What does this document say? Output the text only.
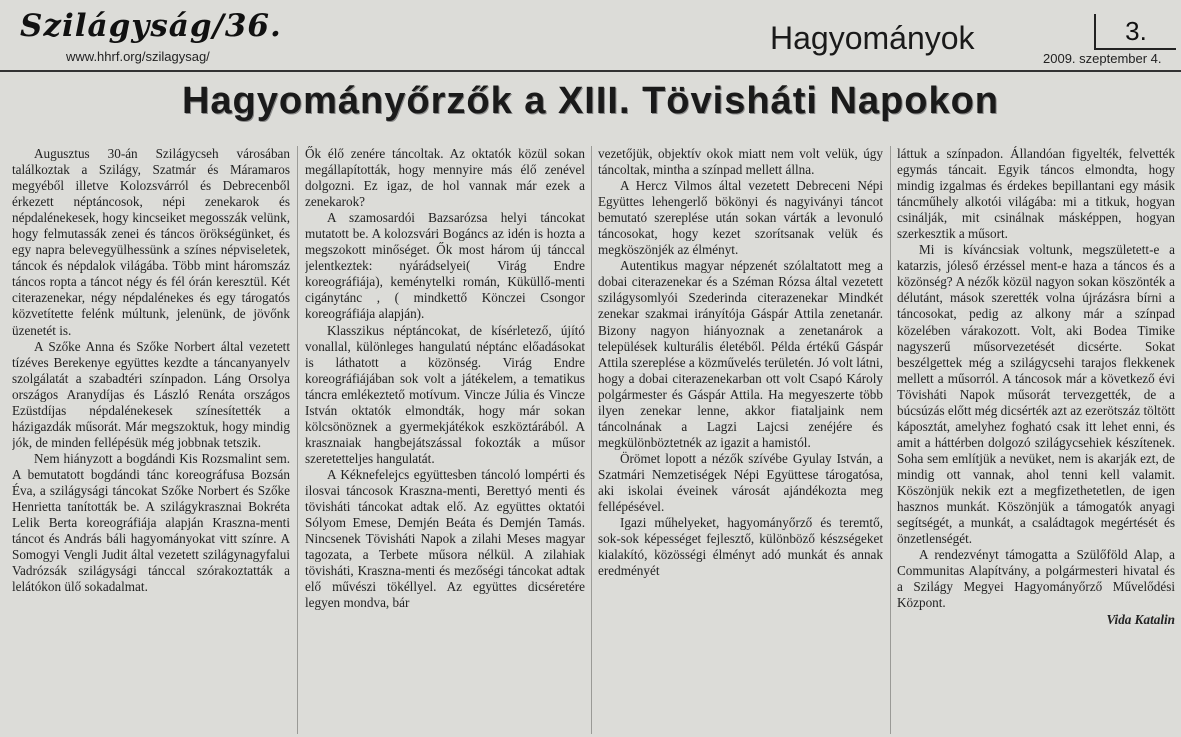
Szilágyság/36.
www.hhrf.org/szilagysag/
Hagyományok	3.
2009. szeptember 4.
Hagyományőrzők a XIII. Tövisháti Napokon

Augusztus 30-án Szilágycseh városában találkoztak a Szilágy, Szatmár és Máramaros megyéből illetve Kolozsvárról és Debrecenből érkezett néptáncosok, népi zenekarok és népdalénekesek, hogy kincseiket megosszák velünk, hogy felmutassák zenei és táncos örökségünket, és egy napra belevegyülhessünk a színes népviseletek, táncok és népdalok világába. Több mint háromszáz táncos ropta a táncot négy és fél órán keresztül. Két citerazenekar, négy népdalénekes és egy tárogatós közvetítette felénk múltunk, jelenünk, de jövőnk üzenetét is.

A Szőke Anna és Szőke Norbert által vezetett tízéves Berekenye együttes kezdte a táncanyanyelv szolgálatát a szabadtéri színpadon. Láng Orsolya országos Aranydíjas és László Renáta országos Ezüstdíjas népdalénekesek színesítették a házigazdák műsorát. Már megszoktuk, hogy mindig jók, de minden fellépésük még jobbnak tetszik.

Nem hiányzott a bogdándi Kis Rozsmalint sem. A bemutatott bogdándi tánc koreográfusa Bozsán Éva, a szilágysági táncokat Szőke Norbert és Szőke Henrietta tanították be. A szilágykrasznai Bokréta Lelik Berta koreográfiája alapján Kraszna-menti táncot és András báli hagyományokat vitt színre. A Somogyi Vengli Judit által vezetett szilágynagyfalui Vadrózsák szilágysági tánccal szórakoztatták a lelátókon ülő sokadalmat.

Ők élő zenére táncoltak. Az oktatók közül sokan megállapították, hogy mennyire más élő zenével dolgozni. Ez igaz, de hol vannak már ezek a zenekarok?

A szamosardói Bazsarózsa helyi táncokat mutatott be. A kolozsvári Bogáncs az idén is hozta a megszokott minőséget. Ők most három új tánccal jelentkeztek: nyárádselyei( Virág Endre koreográfiája), keménytelki román, Küküllő-menti cigánytánc , ( mindkettő Könczei Csongor koreográfiája alapján).

Klasszikus néptáncokat, de kísérletező, újító vonallal, különleges hangulatú néptánc előadásokat is láthatott a közönség. Virág Endre koreográfiájában sok volt a játékelem, a tematikus táncra emlékeztető motívum. Vincze Júlia és Vincze István oktatók elmondták, hogy már sokan kölcsönöznek a gyermekjátékok eszköztárából. A krasznaiak hangbejátszással fokozták a műsor szeretetteljes hangulatát.

A Kéknefelejcs együttesben táncoló lompérti és ilosvai táncosok Kraszna-menti, Berettyó menti és tövisháti táncokat adtak elő. Az együttes oktatói Sólyom Emese, Demjén Beáta és Demjén Tamás. Nincsenek Tövisháti Napok a zilahi Meses magyar tagozata, a Terbete műsora nélkül. A zilahiak tövisháti, Kraszna-menti és mezőségi táncokat adtak elő művészi tökéllyel. Az együttes dicséretére legyen mondva, bár

vezetőjük, objektív okok miatt nem volt velük, úgy táncoltak, mintha a színpad mellett állna.

A Hercz Vilmos által vezetett Debreceni Népi Együttes lehengerlő bökönyi és nagyiványi táncot bemutató szereplése után sokan várták a levonuló táncosokat, hogy kezet szorítsanak velük és megköszönjék az élményt.

Autentikus magyar népzenét szólaltatott meg a dobai citerazenekar és a Széman Rózsa által vezetett szilágysomlyói Szederinda citerazenekar Mindkét zenekar szakmai irányítója Gáspár Attila zenetanár. Bizony nagyon hiányoznak a zenetanárok a települések kulturális életéből. Példa értékű Gáspár Attila szereplése a közművelés területén. Jó volt látni, hogy a dobai citerazenekarban ott volt Csapó Károly polgármester és Gáspár Attila. Ha megyeszerte több ilyen zenekar lenne, akkor fiataljaink nem táncolnának a Lagzi Lajcsi zenéjére és megkülönböztetnék az igazit a hamistól.

Örömet lopott a nézők szívébe Gyulay István, a Szatmári Nemzetiségek Népi Együttese tárogatósa, aki iskolai éveinek városát ajándékozta meg fellépésével.

Igazi műhelyeket, hagyományőrző és teremtő, sok-sok képességet fejlesztő, különböző készségeket kialakító, közösségi élményt adó munkát és annak eredményét

láttuk a színpadon. Állandóan figyelték, felvették egymás táncait. Egyik táncos elmondta, hogy mindig izgalmas és érdekes bepillantani egy másik táncműhely alkotói világába: mi a titkuk, hogyan csinálják, mit csinálnak másképpen, hogyan szerkesztik a műsort.

Mi is kíváncsiak voltunk, megszületett-e a katarzis, jóleső érzéssel ment-e haza a táncos és a közönség? A nézők közül nagyon sokan köszönték a délutánt, mások szerették volna újrázásra bírni a táncosokat, pedig az alkony már a színpad közelében várakozott. Volt, aki Bodea Timike nagyszerű műsorvezetését dicsérte. Sokat beszélgettek még a szilágycsehi tarajos flekkenek mellett a műsorról. A táncosok már a következő évi Tövisháti Napok műsorát tervezgették, de a búcsúzás előtt még dicsérték azt az ezerötszáz töltött káposztát, amelyhez fogható csak itt lehet enni, és amit a háttérben dolgozó szilágycsehiek készítenek. Soha sem említjük a nevüket, nem is akarják ezt, de mindig ott vannak, ahol tenni kell valamit. Köszönjük nekik ezt a megfizethetetlen, de igen hasznos munkát. Köszönjük a támogatók anyagi segítségét, a munkát, a családtagok megértését és önzetlenségét.

A rendezvényt támogatta a Szülőföld Alap, a Communitas Alapítvány, a polgármesteri hivatal és a Szilágy Megyei Hagyományőrző Művelődési Központ.

Vida Katalin
